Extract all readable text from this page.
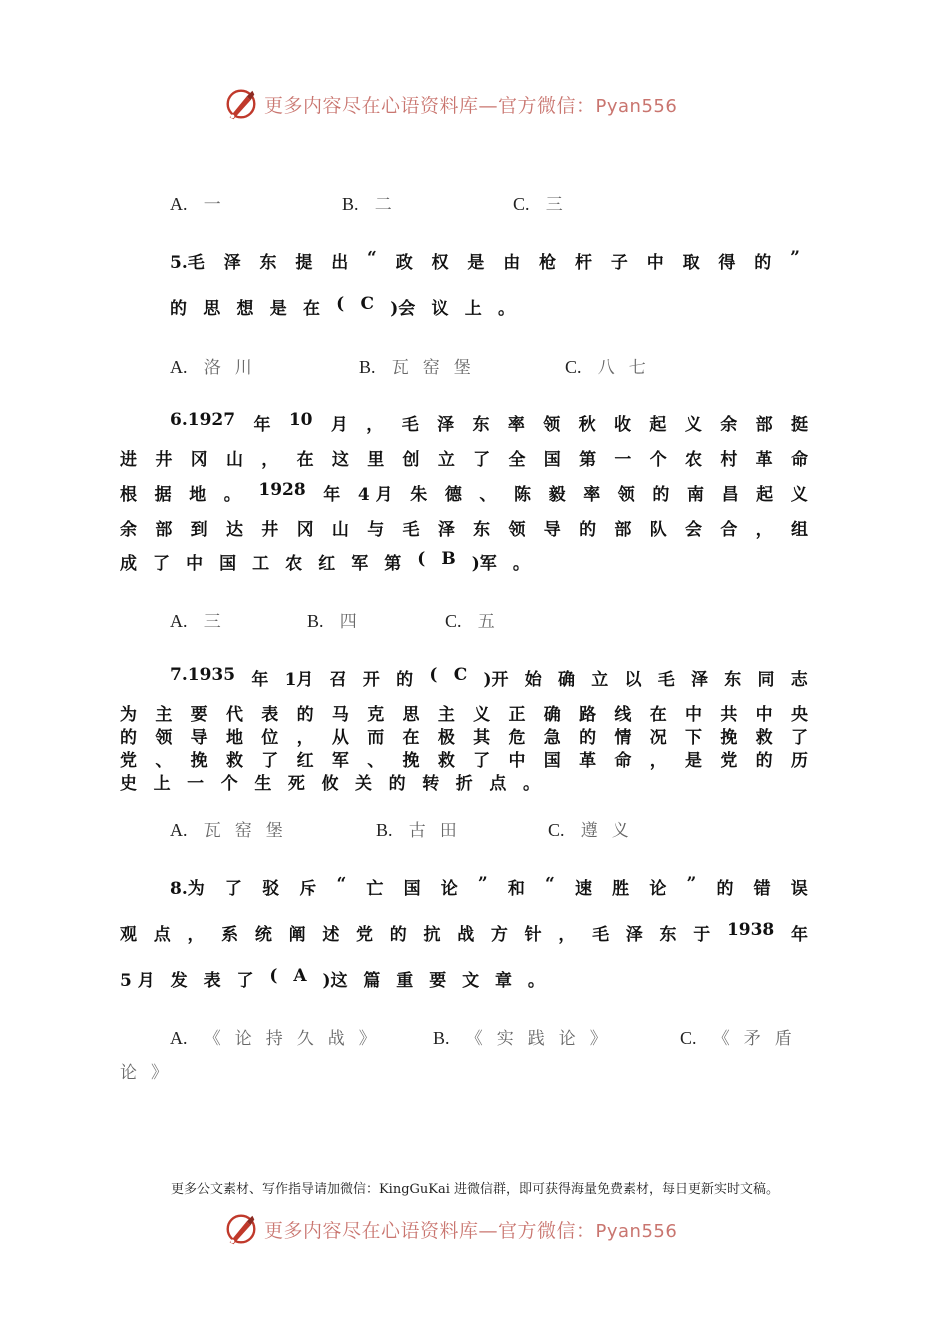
更多内容尽在心语资料库—官方微信：Pyan556
A. 一	B. 二	C. 三
5.毛 泽 东 提 出 “ 政 权 是 由 枪 杆 子 中 取 得 的 ”
的 思 想 是 在 ( C )会 议 上 。
A. 洛川	B. 瓦窑堡	C. 八七
6.1927 年 10 月 ， 毛 泽 东 率 领 秋 收 起 义 余 部 挺
进 井 冈 山 ， 在 这 里 创 立 了 全 国 第 一 个 农 村 革 命
根 据 地 。 1928 年 4 月 朱 德 、 陈 毅 率 领 的 南 昌 起 义
余 部 到 达 井 冈 山 与 毛 泽 东 领 导 的 部 队 会 合 ， 组
成 了 中 国 工 农 红 军 第 ( B )军 。
A. 三	B. 四	C. 五
7.1935 年 1月 召 开 的 ( C )开 始 确 立 以 毛 泽 东 同 志
为 主 要 代 表 的 马 克 思 主 义 正 确 路 线 在 中 共 中 央
的 领 导 地 位 ， 从 而 在 极 其 危 急 的 情 况 下 挽 救 了
党 、 挽 救 了 红 军 、 挽 救 了 中 国 革 命 ， 是 党 的 历
史 上 一 个 生 死 攸 关 的 转 折 点 。
A. 瓦窑堡	B. 古田	C. 遵义
8.为 了 驳 斥 “ 亡 国 论 ” 和 “ 速 胜 论 ” 的 错 误
观 点 ， 系 统 阐 述 党 的 抗 战 方 针 ， 毛 泽 东 于 1938 年
5 月 发 表 了 ( A )这 篇 重 要 文 章 。
A. 《论持久战》 B. 《实践论》	C. 《矛盾
论》
更多公文素材、写作指导请加微信：KingGuKai 进微信群，即可获得海量免费素材，每日更新实时文稿。
更多内容尽在心语资料库—官方微信：Pyan556
